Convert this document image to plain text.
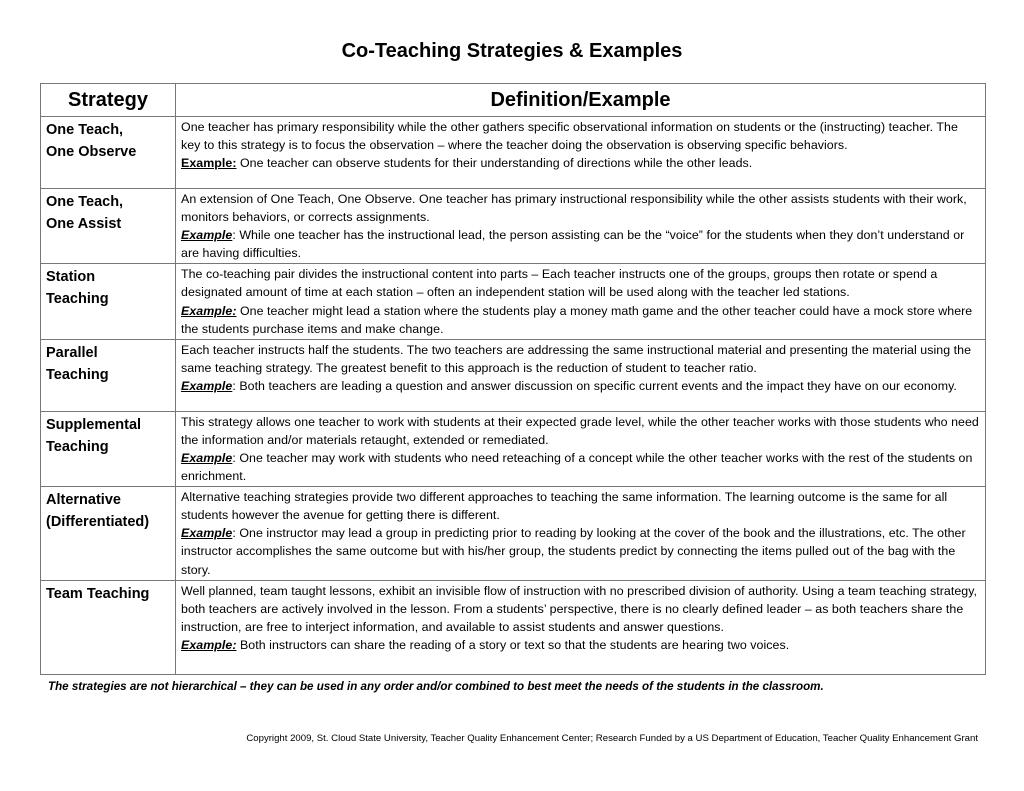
Co-Teaching Strategies & Examples
Strategy	Definition/Example
One Teach,
One Observe	One teacher has primary responsibility while the other gathers specific observational information on students or the (instructing) teacher. The key to this strategy is to focus the observation – where the teacher doing the observation is observing specific behaviors.
Example: One teacher can observe students for their understanding of directions while the other leads.
One Teach,
One Assist	An extension of One Teach, One Observe. One teacher has primary instructional responsibility while the other assists students with their work, monitors behaviors, or corrects assignments.
Example: While one teacher has the instructional lead, the person assisting can be the “voice” for the students when they don’t understand or are having difficulties.
Station
Teaching	The co-teaching pair divides the instructional content into parts – Each teacher instructs one of the groups, groups then rotate or spend a designated amount of time at each station – often an independent station will be used along with the teacher led stations.
Example: One teacher might lead a station where the students play a money math game and the other teacher could have a mock store where the students purchase items and make change.
Parallel
Teaching	Each teacher instructs half the students. The two teachers are addressing the same instructional material and presenting the material using the same teaching strategy. The greatest benefit to this approach is the reduction of student to teacher ratio.
Example: Both teachers are leading a question and answer discussion on specific current events and the impact they have on our economy.
Supplemental
Teaching	This strategy allows one teacher to work with students at their expected grade level, while the other teacher works with those students who need the information and/or materials retaught, extended or remediated.
Example: One teacher may work with students who need reteaching of a concept while the other teacher works with the rest of the students on enrichment.
Alternative
(Differentiated)	Alternative teaching strategies provide two different approaches to teaching the same information. The learning outcome is the same for all students however the avenue for getting there is different.
Example: One instructor may lead a group in predicting prior to reading by looking at the cover of the book and the illustrations, etc. The other instructor accomplishes the same outcome but with his/her group, the students predict by connecting the items pulled out of the bag with the story.
Team Teaching	Well planned, team taught lessons, exhibit an invisible flow of instruction with no prescribed division of authority. Using a team teaching strategy, both teachers are actively involved in the lesson. From a students’ perspective, there is no clearly defined leader – as both teachers share the instruction, are free to interject information, and available to assist students and answer questions.
Example: Both instructors can share the reading of a story or text so that the students are hearing two voices.
The strategies are not hierarchical – they can be used in any order and/or combined to best meet the needs of the students in the classroom.
Copyright 2009, St. Cloud State University, Teacher Quality Enhancement Center; Research Funded by a US Department of Education, Teacher Quality Enhancement Grant
